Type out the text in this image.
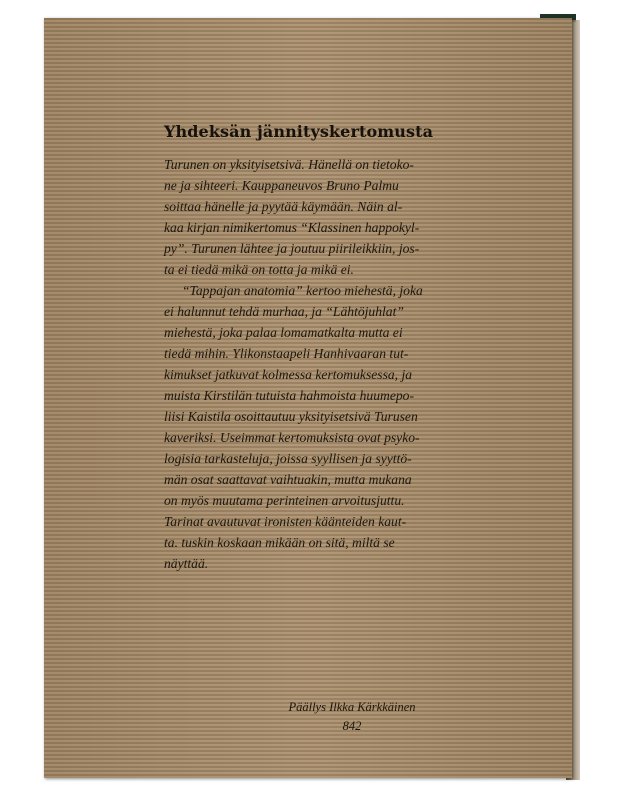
Yhdeksän jännityskertomusta
Turunen on yksityisetsivä. Hänellä on tietoko-
ne ja sihteeri. Kauppaneuvos Bruno Palmu
soittaa hänelle ja pyytää käymään. Näin al-
kaa kirjan nimikertomus “Klassinen happokyl-
py”. Turunen lähtee ja joutuu piirileikkiin, jos-
ta ei tiedä mikä on totta ja mikä ei.
“Tappajan anatomia” kertoo miehestä, joka
ei halunnut tehdä murhaa, ja “Lähtöjuhlat”
miehestä, joka palaa lomamatkalta mutta ei
tiedä mihin. Ylikonstaapeli Hanhivaaran tut-
kimukset jatkuvat kolmessa kertomuksessa, ja
muista Kirstilän tutuista hahmoista huumepo-
liisi Kaistila osoittautuu yksityisetsivä Turusen
kaveriksi. Useimmat kertomuksista ovat psyko-
logisia tarkasteluja, joissa syyllisen ja syyttö-
män osat saattavat vaihtuakin, mutta mukana
on myös muutama perinteinen arvoitusjuttu.
Tarinat avautuvat ironisten käänteiden kaut-
ta. tuskin koskaan mikään on sitä, miltä se
näyttää.
Päällys Ilkka Kärkkäinen
842
